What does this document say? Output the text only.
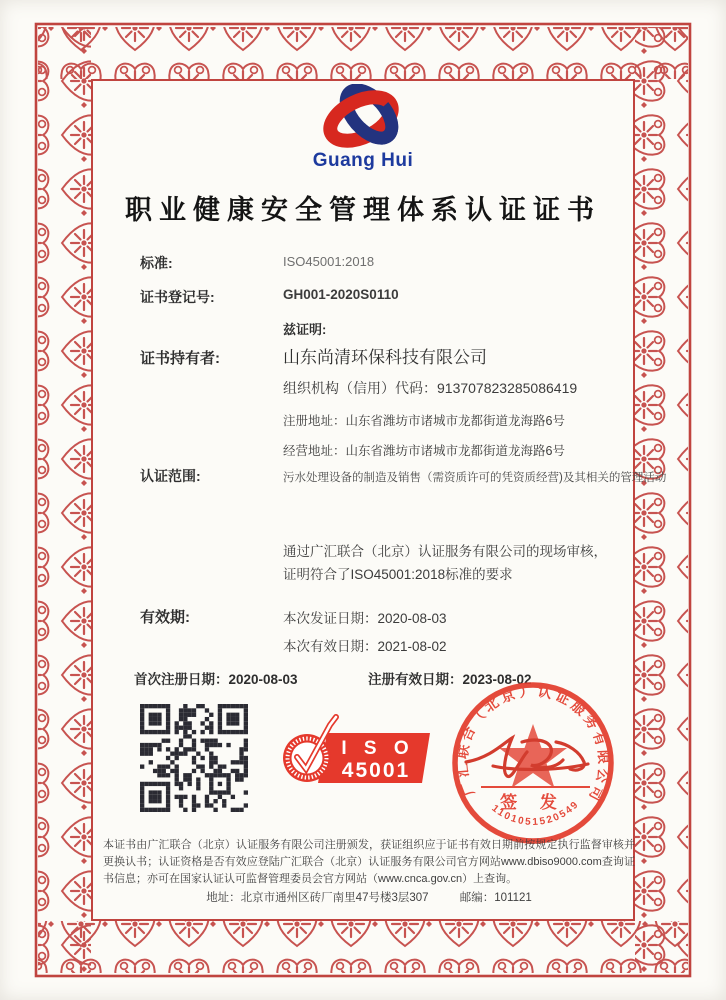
Guang Hui
职业健康安全管理体系认证证书
标准:	ISO45001:2018
证书登记号:	GH001-2020S0110
兹证明:
证书持有者:	山东尚清环保科技有限公司
组织机构（信用）代码：913707823285086419
注册地址：山东省潍坊市诸城市龙都街道龙海路6号
经营地址：山东省潍坊市诸城市龙都街道龙海路6号
认证范围:	污水处理设备的制造及销售（需资质许可的凭资质经营)及其相关的管理活动
通过广汇联合（北京）认证服务有限公司的现场审核，
证明符合了ISO45001:2018标准的要求
有效期:	本次发证日期：2020-08-03
本次有效日期：2021-08-02
首次注册日期：2020-08-03	注册有效日期：2023-08-02
I S O
45001
广汇联合（北京）认证服务有限公司
签 发
1101051520549
本证书由广汇联合（北京）认证服务有限公司注册颁发，获证组织应于证书有效日期前按规定执行监督审核并更换认书；认证资格是否有效应登陆广汇联合（北京）认证服务有限公司官方网站www.dbiso9000.com查询证书信息；亦可在国家认证认可监督管理委员会官方网站（www.cnca.gov.cn）上查询。
地址：北京市通州区砖厂南里47号楼3层307	邮编：101121
